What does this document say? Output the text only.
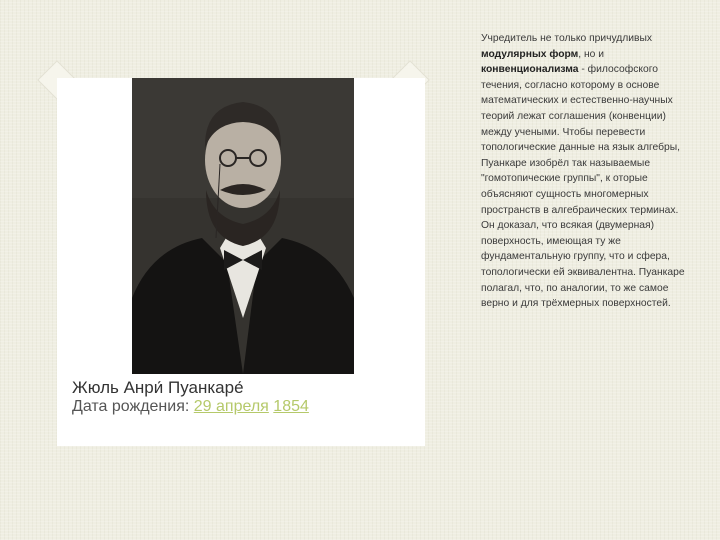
Жюль Анри́ Пуанкаре́
Дата рождения: 29 апреля 1854
Учредитель не только причудливых модулярных форм, но и конвенционализма - философского течения, согласно которому в основе математических и естественно-научных теорий лежат соглашения (конвенции) между учеными. Чтобы перевести топологические данные на язык алгебры, Пуанкаре изобрёл так называемые "гомотопические группы", к оторые объясняют сущность многомерных пространств в алгебраических терминах. Он доказал, что всякая (двумерная) поверхность, имеющая ту же фундаментальную группу, что и сфера, топологически ей эквивалентна. Пуанкаре полагал, что, по аналогии, то же самое верно и для трёхмерных поверхностей.
